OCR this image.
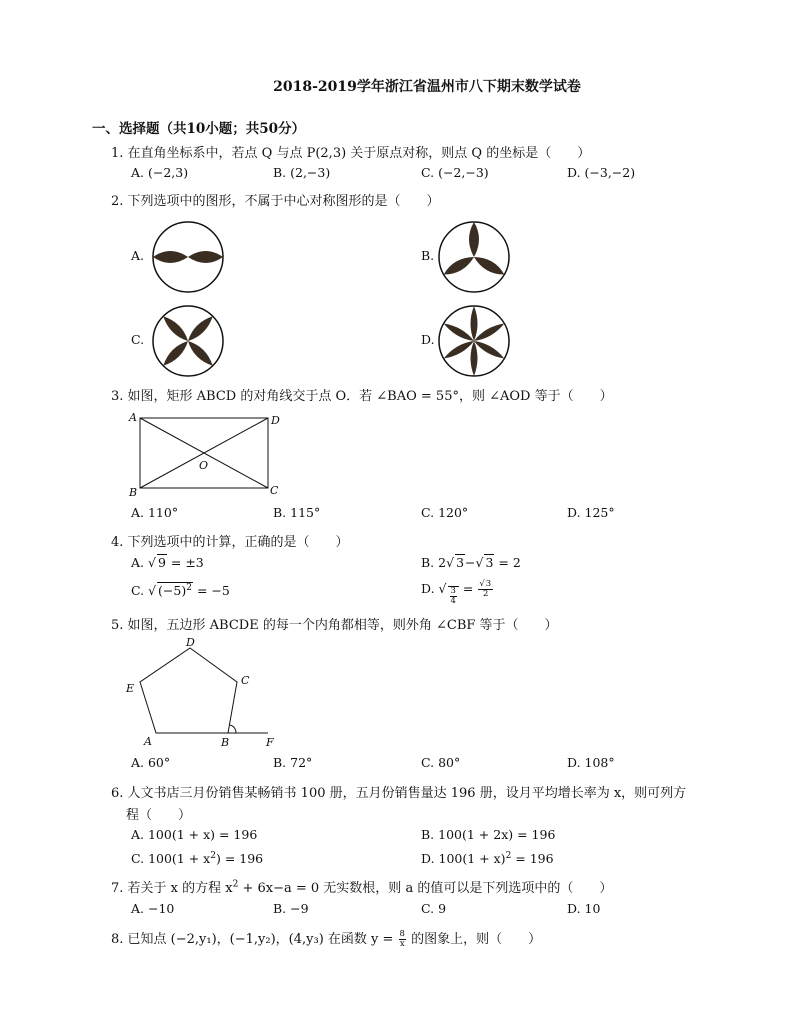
2018-2019学年浙江省温州市八下期末数学试卷
一、选择题（共10小题；共50分）
1. 在直角坐标系中，若点 Q 与点 P(2,3) 关于原点对称，则点 Q 的坐标是（　　）
A. (−2,3)	B. (2,−3)	C. (−2,−3)	D. (−3,−2)
2. 下列选项中的图形，不属于中心对称图形的是（　　）
A.	B.
C.	D.
3. 如图，矩形 ABCD 的对角线交于点 O．若 ∠BAO = 55°，则 ∠AOD 等于（　　）
A	D
O
B	C
A. 110°	B. 115°	C. 120°	D. 125°
4. 下列选项中的计算，正确的是（　　）
A. √ 9 = ±3	B. 2√ 3−√ 3 = 2
C. √ $(-5)^2 = -5$	D. √ $\frac{3}{4} = \frac{√3}{2}$
5. 如图，五边形 ABCDE 的每一个内角都相等，则外角 ∠CBF 等于（　　）
D
E
C
A	B	F
A. 60°	B. 72°	C. 80°	D. 108°
6. 人文书店三月份销售某畅销书 100 册，五月份销售量达 196 册，设月平均增长率为 x，则可列方
程（　　）
A. 100(1 + x) = 196	B. 100(1 + 2x) = 196
C. $100(1 + x^2) = 196$	D. $100(1 + x)^2 = 196$
7. 若关于 x 的方程 $x^2 + 6x-a = 0$ 无实数根，则 a 的值可以是下列选项中的（　　）
A. −10	B. −9	C. 9	D. 10
8. 已知点 (−2,y₁)，(−1,y₂)，(4,y₃) 在函数 $y = \frac{8}{x}$ 的图象上，则（　　）
